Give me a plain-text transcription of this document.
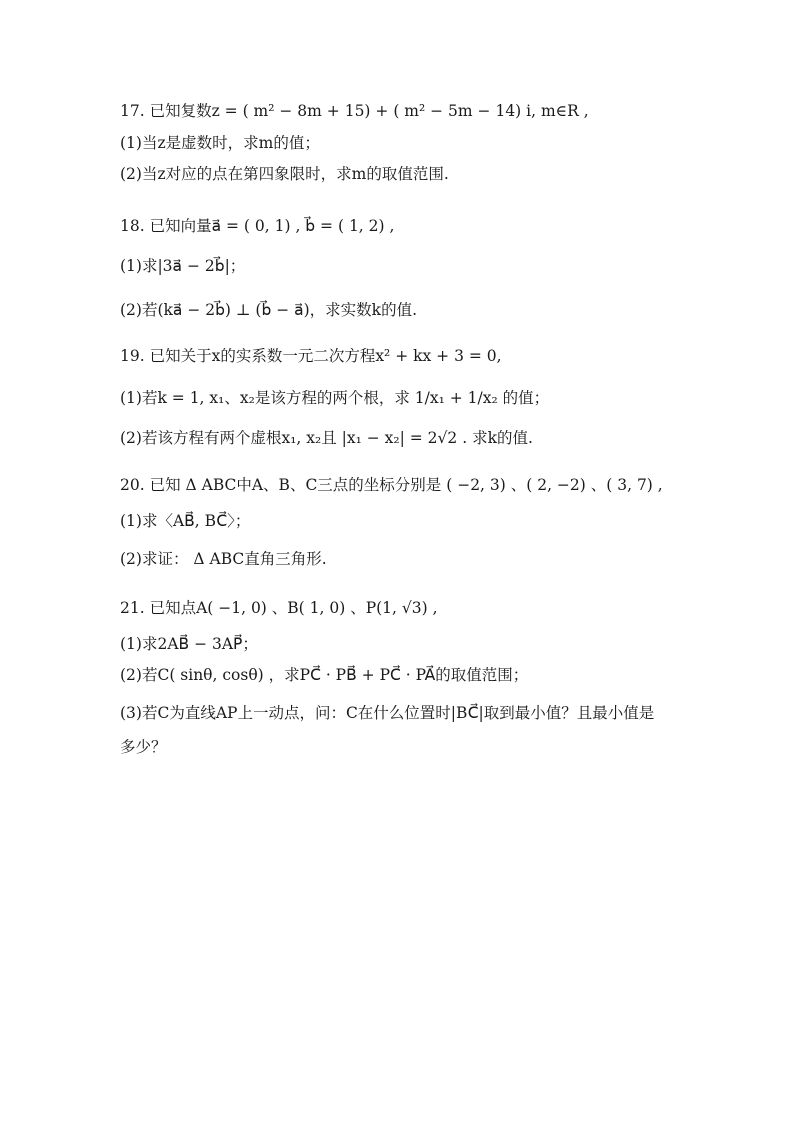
17. 已知复数z = ( m² − 8m + 15) + ( m² − 5m − 14) i, m∈R ,
(1)当z是虚数时，求m的值；
(2)当z对应的点在第四象限时，求m的取值范围.
18. 已知向量a⃗ = ( 0, 1) , b⃗ = ( 1, 2) ,
(1)求|3a⃗ − 2b⃗|；
(2)若(ka⃗ − 2b⃗) ⊥ (b⃗ − a⃗)，求实数k的值.
19. 已知关于x的实系数一元二次方程x² + kx + 3 = 0,
(1)若k = 1, x₁、x₂是该方程的两个根，求 1/x₁ + 1/x₂ 的值；
(2)若该方程有两个虚根x₁, x₂且 |x₁ − x₂| = 2√2 . 求k的值.
20. 已知 Δ ABC中A、B、C三点的坐标分别是 ( −2, 3) 、( 2, −2) 、( 3, 7) ,
(1)求〈AB⃗, BC⃗〉；
(2)求证： Δ ABC直角三角形.
21. 已知点A( −1, 0) 、B( 1, 0) 、P(1, √3) ,
(1)求2AB⃗ − 3AP⃗；
(2)若C( sinθ, cosθ) ，求PC⃗ · PB⃗ + PC⃗ · PA⃗的取值范围；
(3)若C为直线AP上一动点，问：C在什么位置时|BC⃗|取到最小值？且最小值是
多少？
